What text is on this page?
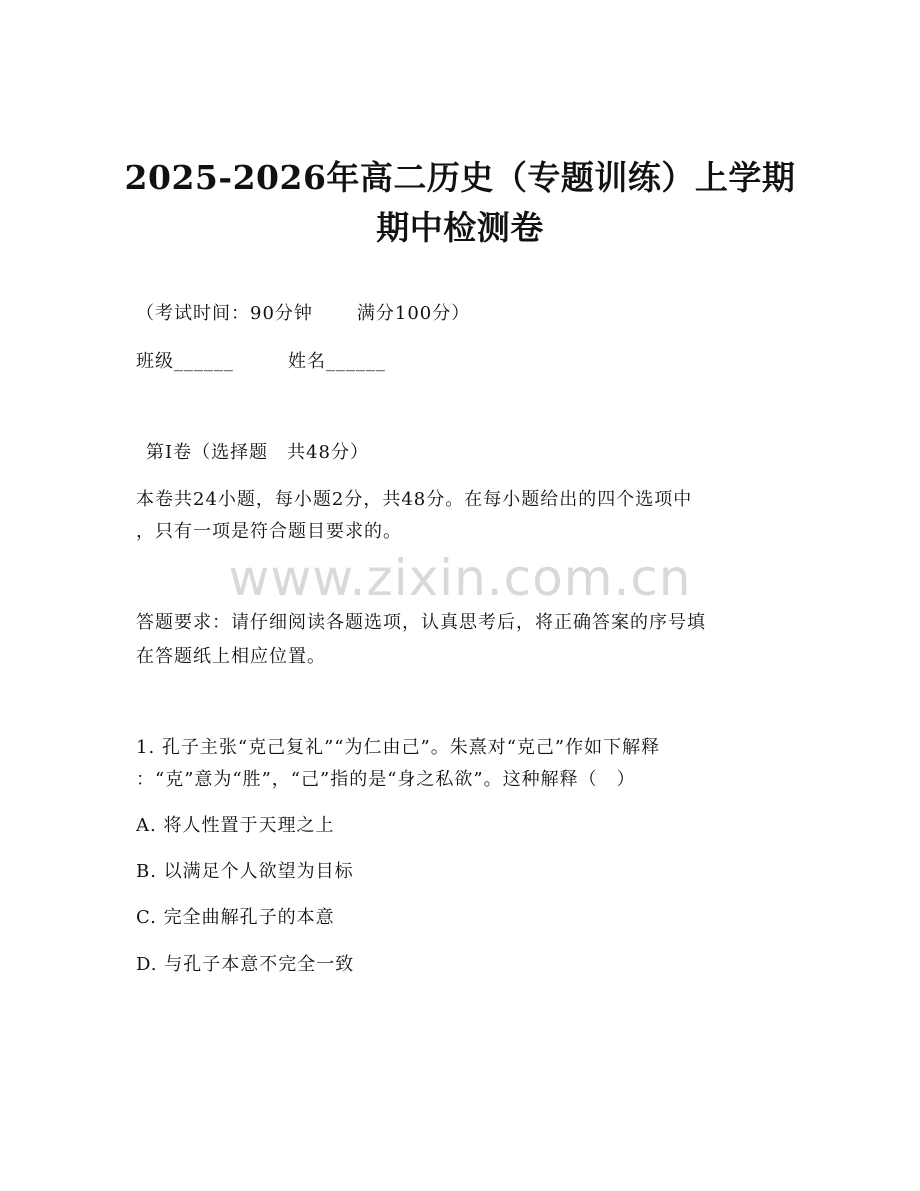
2025-2026年高二历史（专题训练）上学期
期中检测卷
（考试时间：90分钟 满分100分）
班级______	姓名______
第Ⅰ卷（选择题　共48分）
本卷共24小题，每小题2分，共48分。在每小题给出的四个选项中
，只有一项是符合题目要求的。
www.zixin.com.cn
答题要求：请仔细阅读各题选项，认真思考后，将正确答案的序号填
在答题纸上相应位置。
1. 孔子主张“克己复礼”“为仁由己”。朱熹对“克己”作如下解释
：“克”意为“胜”，“己”指的是“身之私欲”。这种解释（　）
A. 将人性置于天理之上
B. 以满足个人欲望为目标
C. 完全曲解孔子的本意
D. 与孔子本意不完全一致
